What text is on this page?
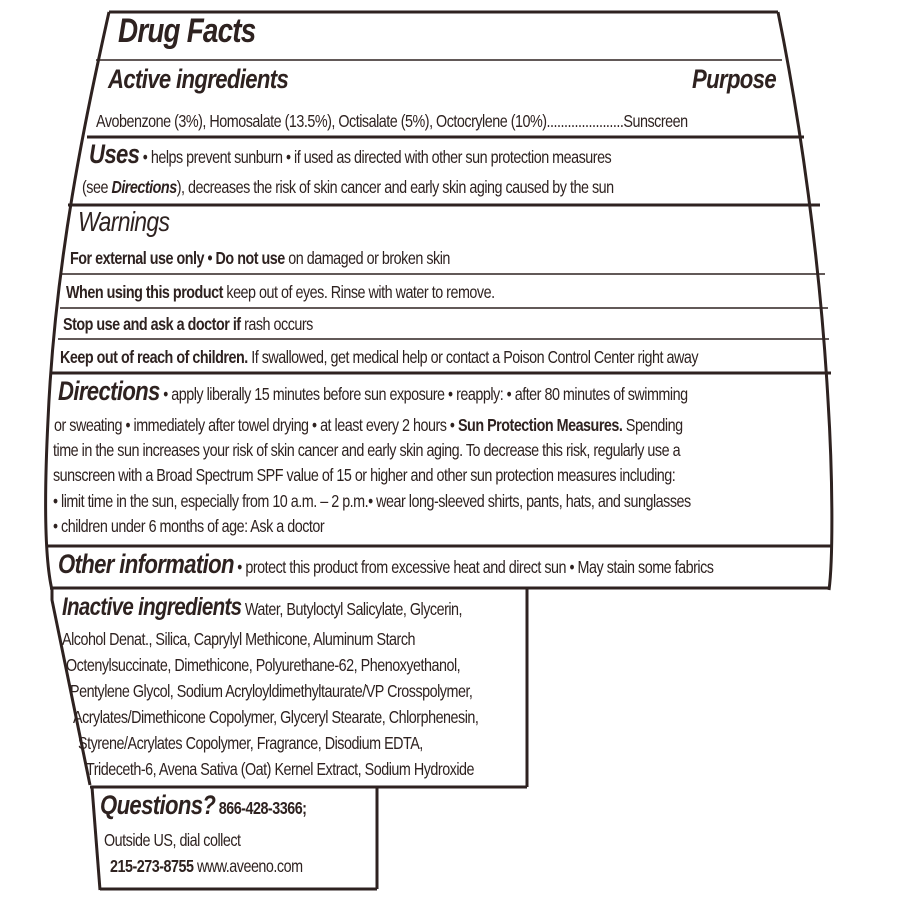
Drug Facts
Active ingredients	Purpose
Avobenzone (3%), Homosalate (13.5%), Octisalate (5%), Octocrylene (10%)......................Sunscreen
Uses • helps prevent sunburn • if used as directed with other sun protection measures
(see Directions), decreases the risk of skin cancer and early skin aging caused by the sun
Warnings
For external use only • Do not use on damaged or broken skin
When using this product keep out of eyes. Rinse with water to remove.
Stop use and ask a doctor if rash occurs
Keep out of reach of children. If swallowed, get medical help or contact a Poison Control Center right away
Directions • apply liberally 15 minutes before sun exposure • reapply: • after 80 minutes of swimming
or sweating • immediately after towel drying • at least every 2 hours • Sun Protection Measures. Spending
time in the sun increases your risk of skin cancer and early skin aging. To decrease this risk, regularly use a
sunscreen with a Broad Spectrum SPF value of 15 or higher and other sun protection measures including:
• limit time in the sun, especially from 10 a.m. – 2 p.m.• wear long-sleeved shirts, pants, hats, and sunglasses
• children under 6 months of age: Ask a doctor
Other information • protect this product from excessive heat and direct sun • May stain some fabrics
Inactive ingredients Water, Butyloctyl Salicylate, Glycerin,
Alcohol Denat., Silica, Caprylyl Methicone, Aluminum Starch
Octenylsuccinate, Dimethicone, Polyurethane-62, Phenoxyethanol,
Pentylene Glycol, Sodium Acryloyldimethyltaurate/VP Crosspolymer,
Acrylates/Dimethicone Copolymer, Glyceryl Stearate, Chlorphenesin,
Styrene/Acrylates Copolymer, Fragrance, Disodium EDTA,
Trideceth-6, Avena Sativa (Oat) Kernel Extract, Sodium Hydroxide
Questions? 866-428-3366;
Outside US, dial collect
215-273-8755 www.aveeno.com
